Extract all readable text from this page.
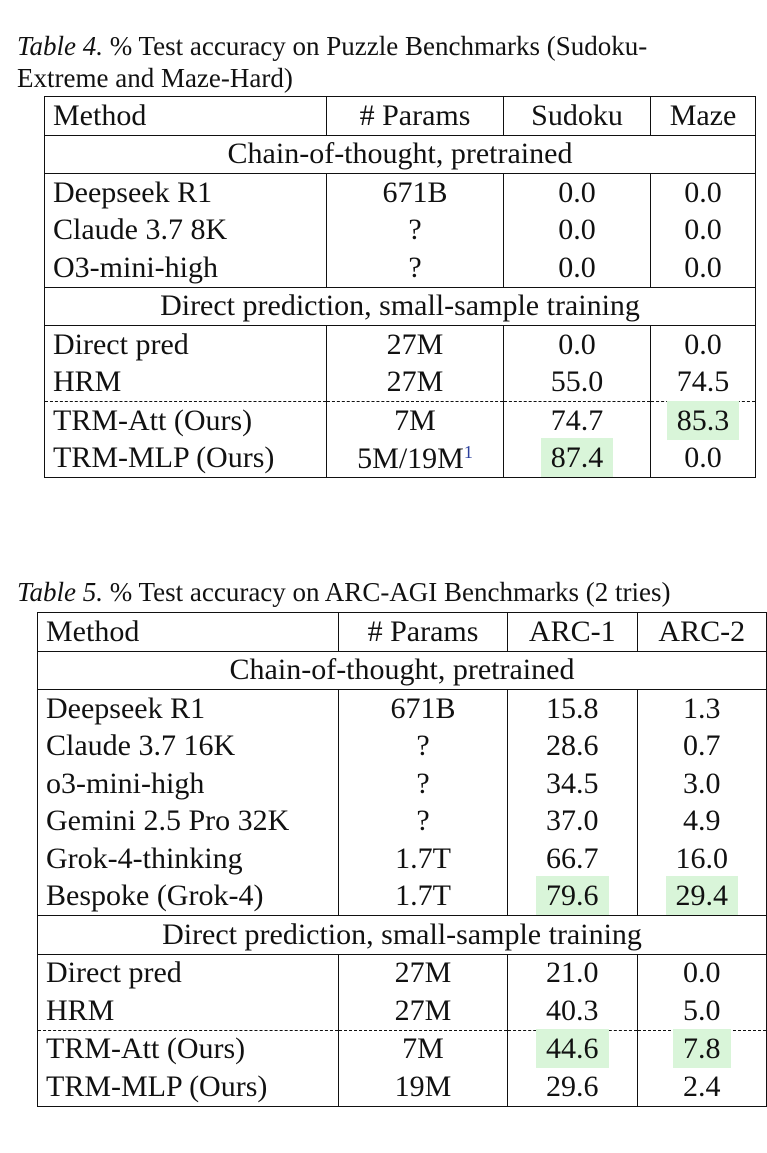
Table 4. % Test accuracy on Puzzle Benchmarks (Sudoku-
Extreme and Maze-Hard)
Method	# Params	Sudoku	Maze
Chain-of-thought, pretrained			
Deepseek R1	671B	0.0	0.0
Claude 3.7 8K	?	0.0	0.0
O3-mini-high	?	0.0	0.0
Direct prediction, small-sample training			
Direct pred	27M	0.0	0.0
HRM	27M	55.0	74.5
TRM-Att (Ours)	7M	74.7	85.3
TRM-MLP (Ours)	5M/19M$^1$	87.4	0.0
Table 5. % Test accuracy on ARC-AGI Benchmarks (2 tries)
Method	# Params	ARC-1	ARC-2
Chain-of-thought, pretrained			
Deepseek R1	671B	15.8	1.3
Claude 3.7 16K	?	28.6	0.7
o3-mini-high	?	34.5	3.0
Gemini 2.5 Pro 32K	?	37.0	4.9
Grok-4-thinking	1.7T	66.7	16.0
Bespoke (Grok-4)	1.7T	79.6	29.4
Direct prediction, small-sample training			
Direct pred	27M	21.0	0.0
HRM	27M	40.3	5.0
TRM-Att (Ours)	7M	44.6	7.8
TRM-MLP (Ours)	19M	29.6	2.4
